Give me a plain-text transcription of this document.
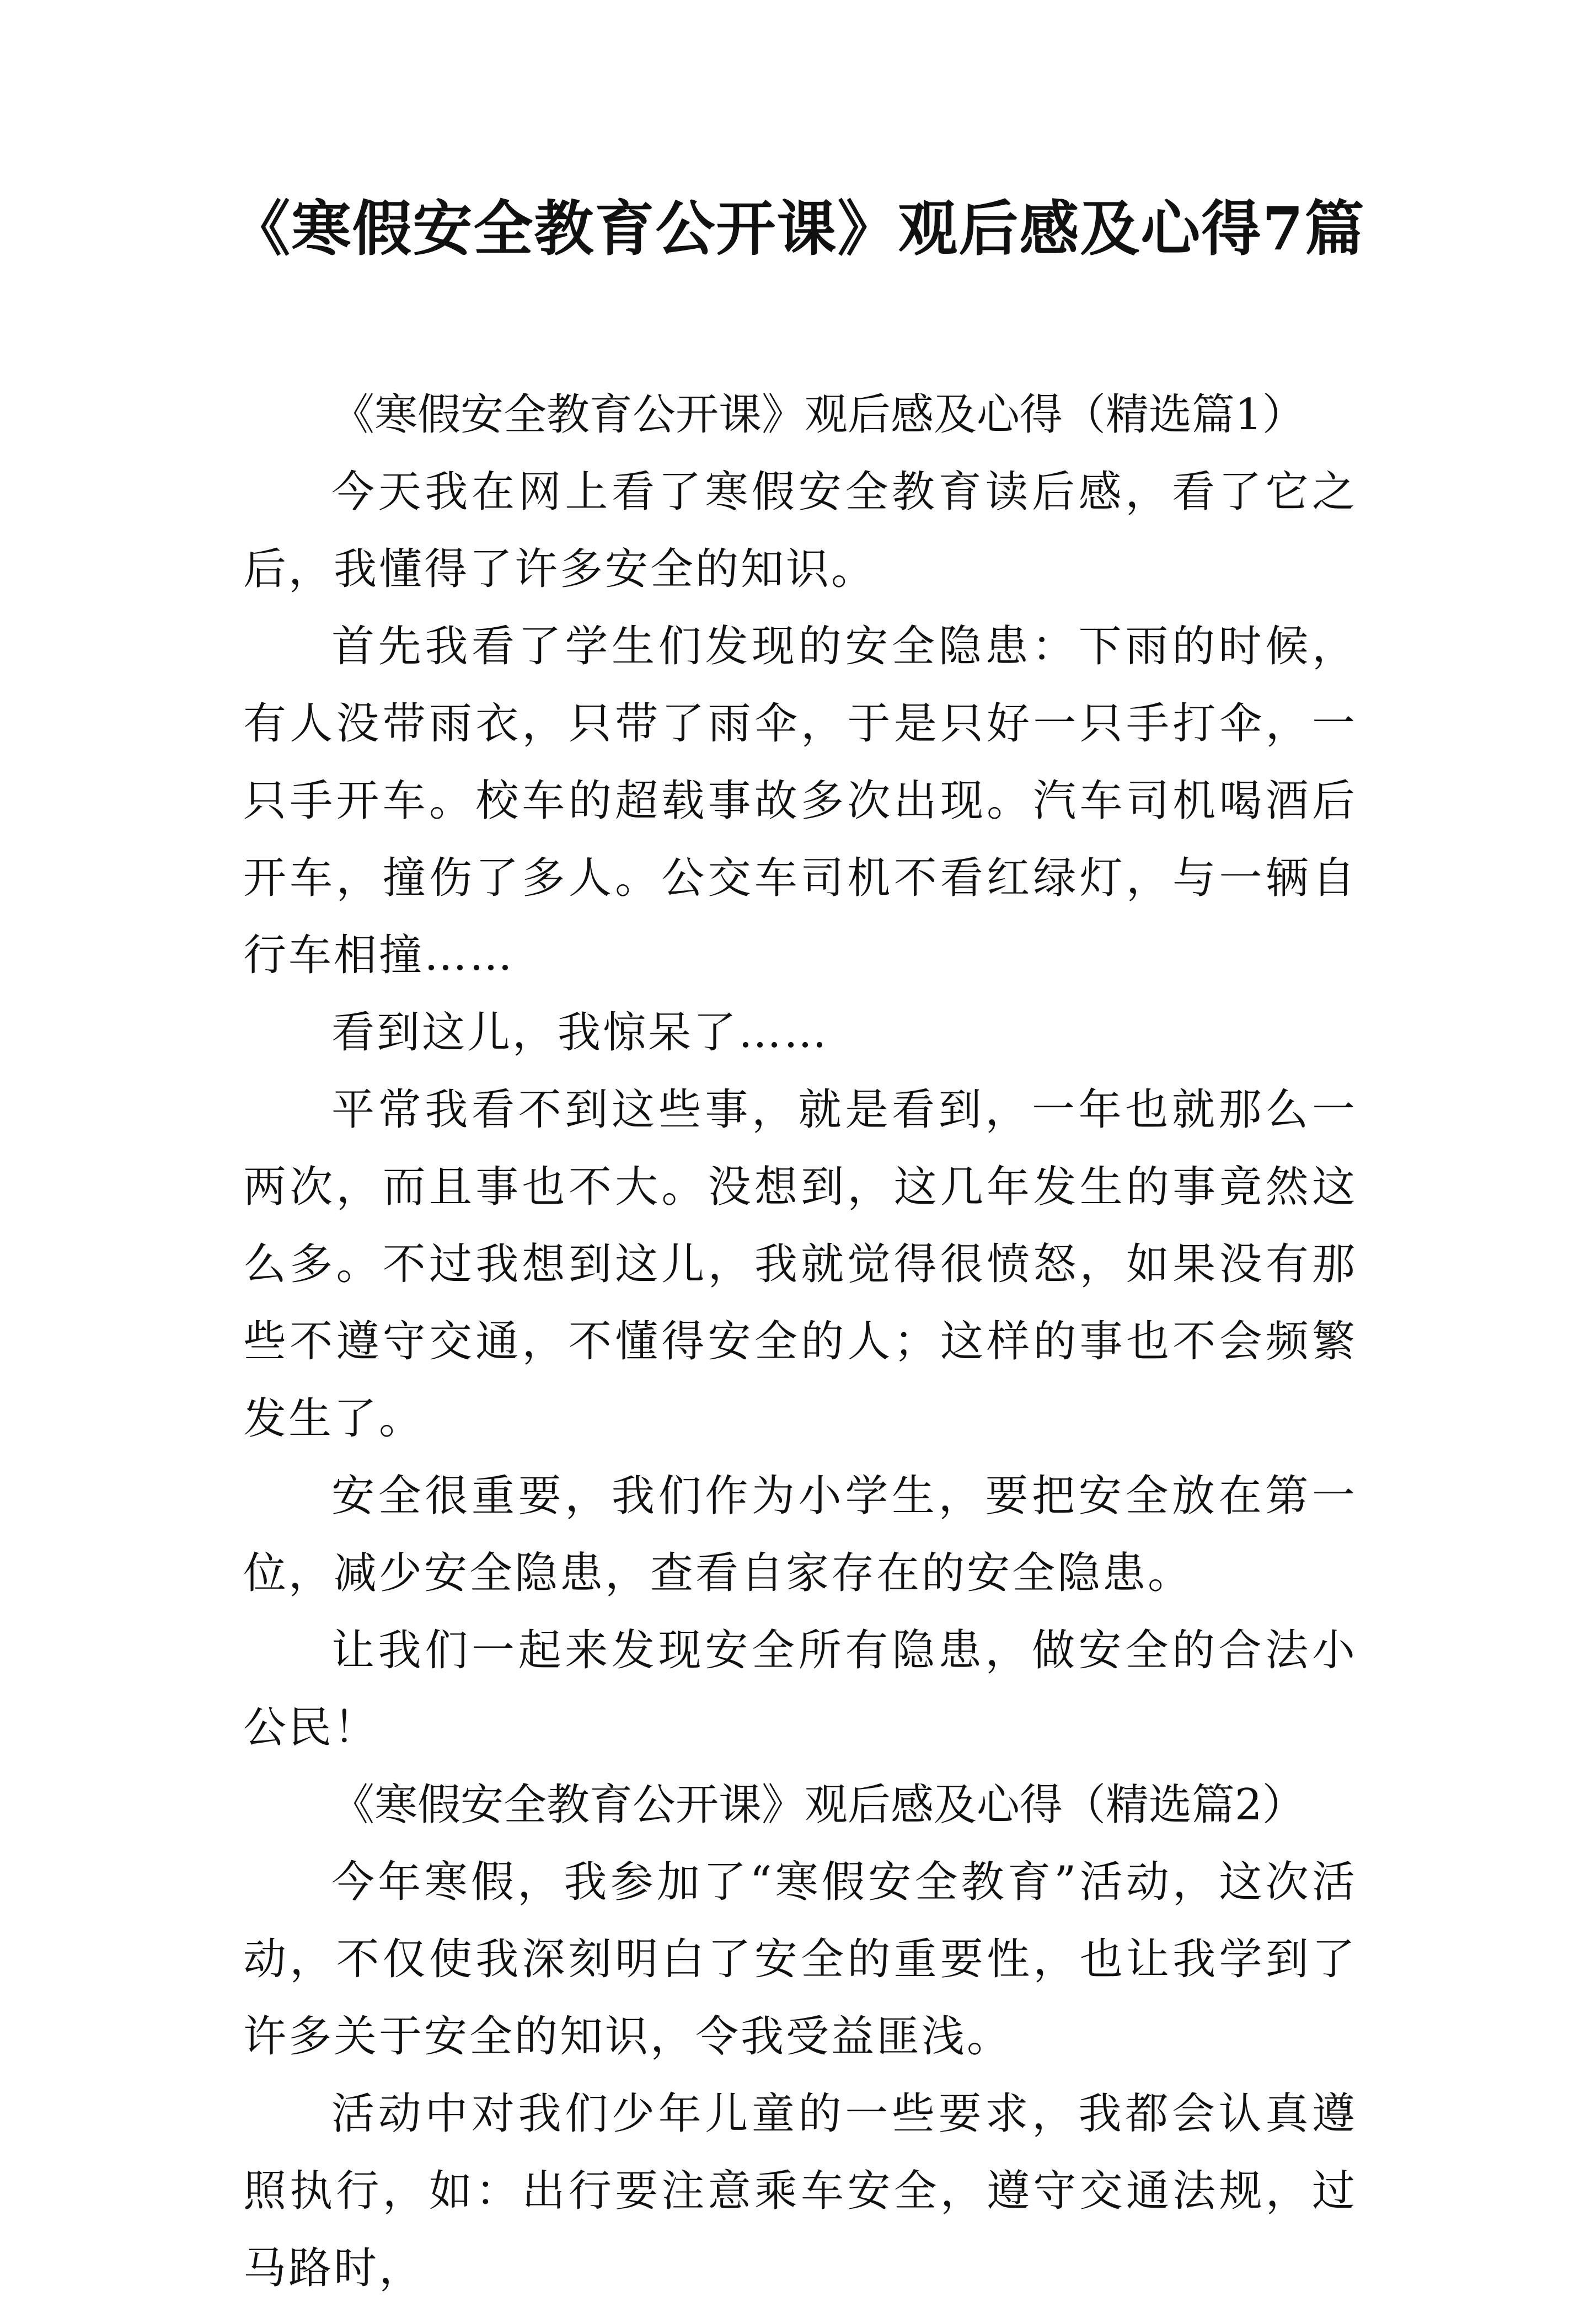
《寒假安全教育公开课》观后感及心得7篇

《寒假安全教育公开课》观后感及心得（精选篇1）

今天我在网上看了寒假安全教育读后感，看了它之后，我懂得了许多安全的知识。

首先我看了学生们发现的安全隐患：下雨的时候，有人没带雨衣，只带了雨伞，于是只好一只手打伞，一只手开车。校车的超载事故多次出现。汽车司机喝酒后开车，撞伤了多人。公交车司机不看红绿灯，与一辆自行车相撞……

看到这儿，我惊呆了……

平常我看不到这些事，就是看到，一年也就那么一两次，而且事也不大。没想到，这几年发生的事竟然这么多。不过我想到这儿，我就觉得很愤怒，如果没有那些不遵守交通，不懂得安全的人；这样的事也不会频繁发生了。

安全很重要，我们作为小学生，要把安全放在第一位，减少安全隐患，查看自家存在的安全隐患。

让我们一起来发现安全所有隐患，做安全的合法小公民！

《寒假安全教育公开课》观后感及心得（精选篇2）

今年寒假，我参加了“寒假安全教育”活动，这次活动，不仅使我深刻明白了安全的重要性，也让我学到了许多关于安全的知识，令我受益匪浅。

活动中对我们少年儿童的一些要求，我都会认真遵照执行，如：出行要注意乘车安全，遵守交通法规，过马路时，
